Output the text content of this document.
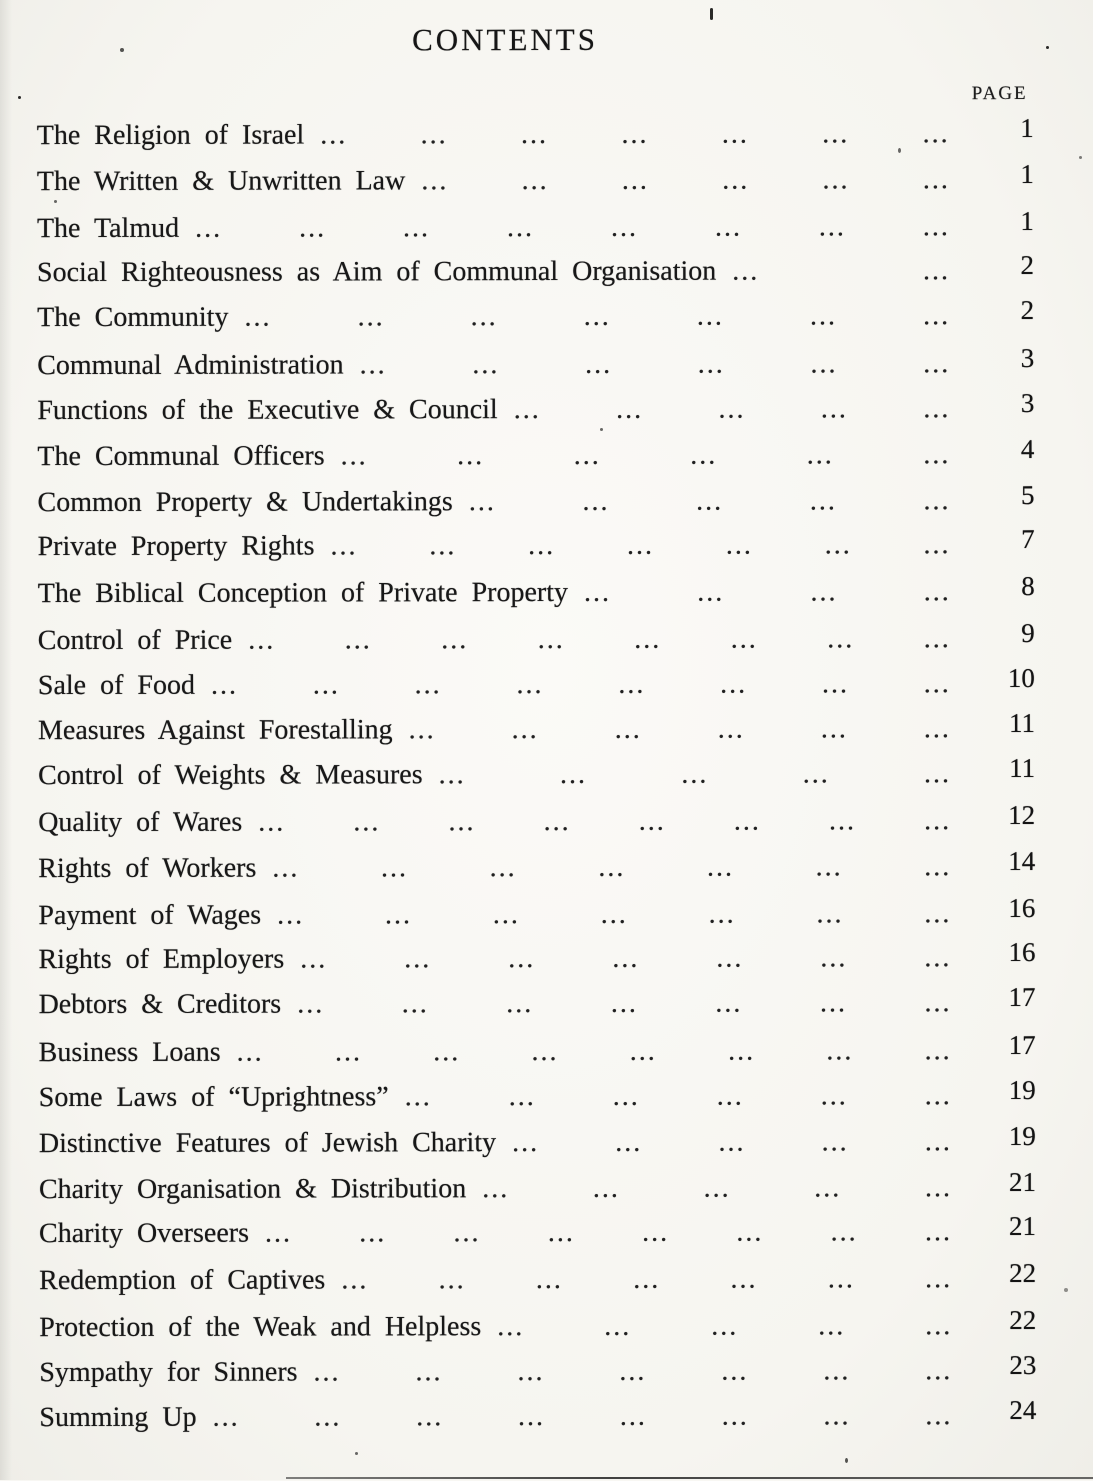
CONTENTS
PAGE
The Religion of Israel ...	...	...	...	...	...	...	1
The Written & Unwritten Law ...	...	...	...	...	...	1
The Talmud ...	...	...	...	...	...	...	...	1
Social Righteousness as Aim of Communal Organisation ...	...	2
The Community ...	...	...	...	...	...	...	2
Communal Administration ...	...	...	...	...	...	3
Functions of the Executive & Council ...	...	...	...	...	3
The Communal Officers ...	...	...	...	...	...	4
Common Property & Undertakings ...	...	...	...	...	5
Private Property Rights ...	...	...	...	...	...	...	7
The Biblical Conception of Private Property ...	...	...	...	8
Control of Price ... ... ... ... ... ... ... ...	9
Sale of Food ...	...	...	...	...	...	...	...	10
Measures Against Forestalling ...	...	...	...	...	...	11
Control of Weights & Measures ...	...	...	...	...	11
Quality of Wares ... ... ... ... ... ... ... ...	12
Rights of Workers ...	...	...	...	...	...	...	14
Payment of Wages ...	...	...	...	...	...	...	16
Rights of Employers ...	...	...	...	...	...	...	16
Debtors & Creditors ...	...	...	...	...	...	...	17
Business Loans ...	...	...	...	...	...	...	...	17
Some Laws of “Uprightness” ...	...	...	...	...	...	19
Distinctive Features of Jewish Charity ...	...	...	...	...	19
Charity Organisation & Distribution ...	...	...	...	...	21
Charity Overseers ... ... ... ... ... ... ... ...	21
Redemption of Captives ...	...	...	...	...	...	...	22
Protection of the Weak and Helpless ...	...	...	...	...	22
Sympathy for Sinners ...	...	...	...	...	...	...	23
Summing Up ...	...	...	...	...	...	...	...	24
